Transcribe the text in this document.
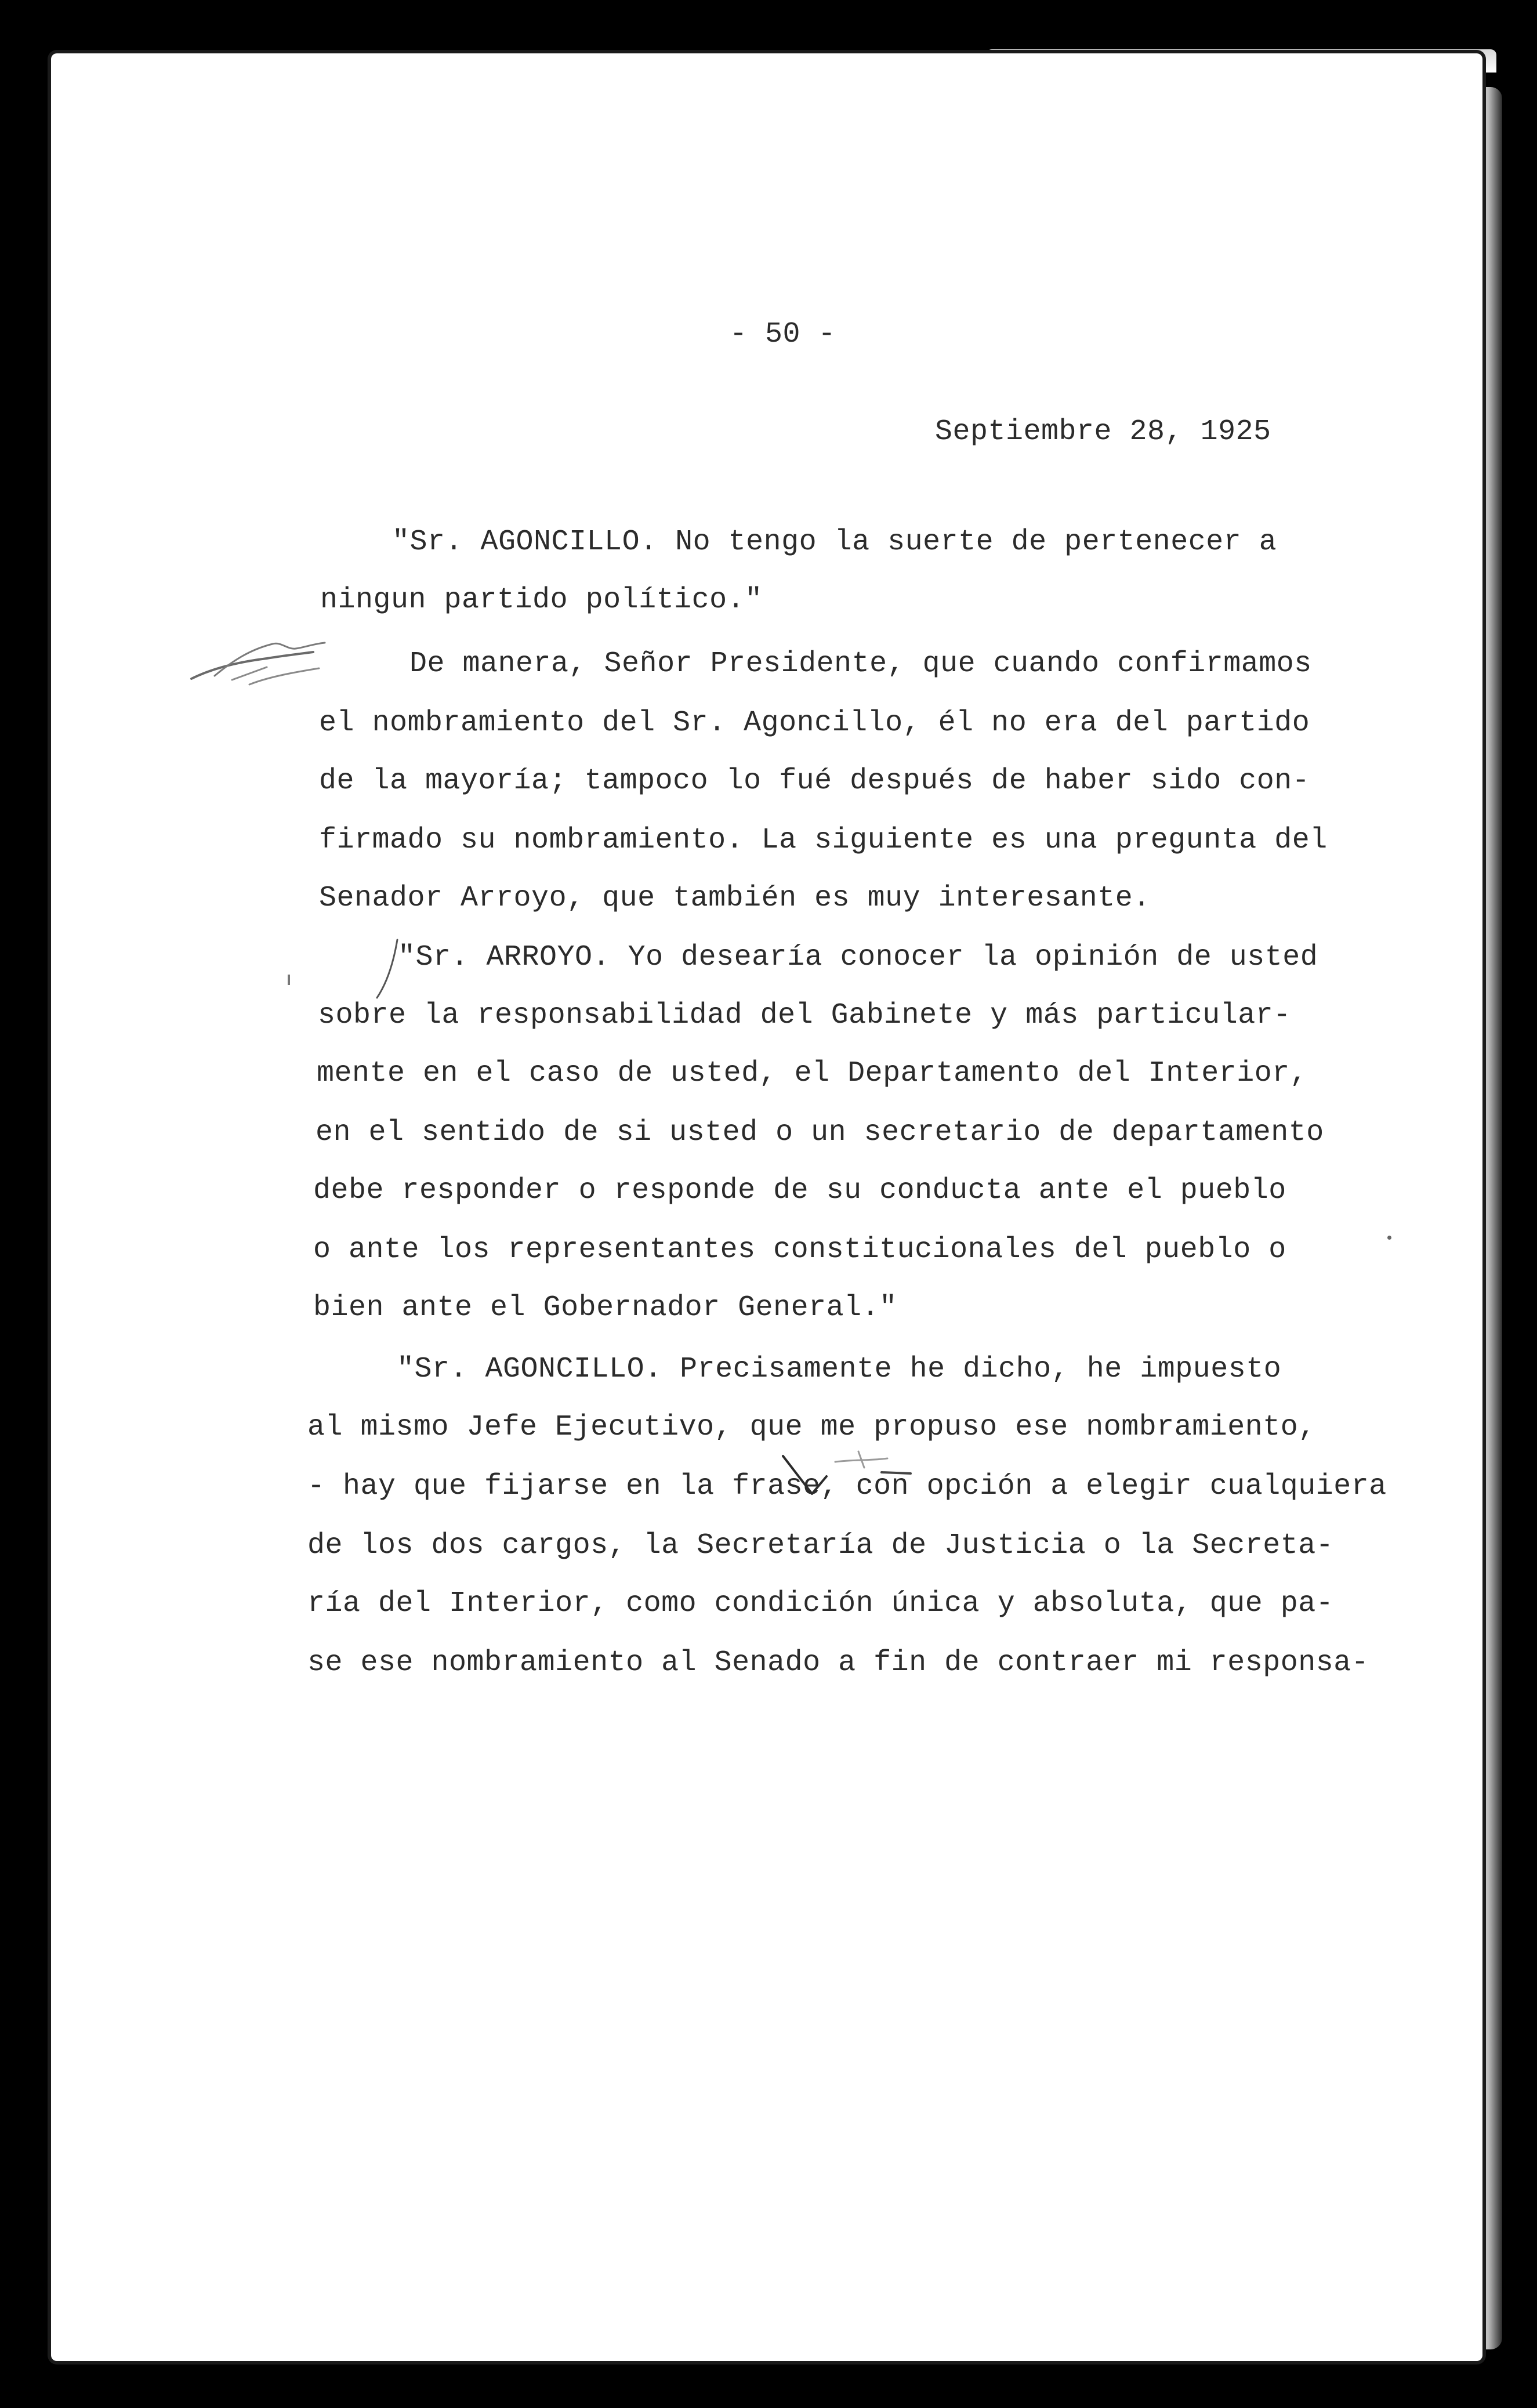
- 50 -
Septiembre 28, 1925
"Sr. AGONCILLO. No tengo la suerte de pertenecer a
ningun partido político."
De manera, Señor Presidente, que cuando confirmamos
el nombramiento del Sr. Agoncillo, él no era del partido
de la mayoría; tampoco lo fué después de haber sido con-
firmado su nombramiento. La siguiente es una pregunta del
Senador Arroyo, que también es muy interesante.
"Sr. ARROYO. Yo desearía conocer la opinión de usted
sobre la responsabilidad del Gabinete y más particular-
mente en el caso de usted, el Departamento del Interior,
en el sentido de si usted o un secretario de departamento
debe responder o responde de su conducta ante el pueblo
o ante los representantes constitucionales del pueblo o
bien ante el Gobernador General."
"Sr. AGONCILLO. Precisamente he dicho, he impuesto
al mismo Jefe Ejecutivo, que me propuso ese nombramiento,
- hay que fijarse en la frase, con opción a elegir cualquiera
de los dos cargos, la Secretaría de Justicia o la Secreta-
ría del Interior, como condición única y absoluta, que pa-
se ese nombramiento al Senado a fin de contraer mi responsa-
